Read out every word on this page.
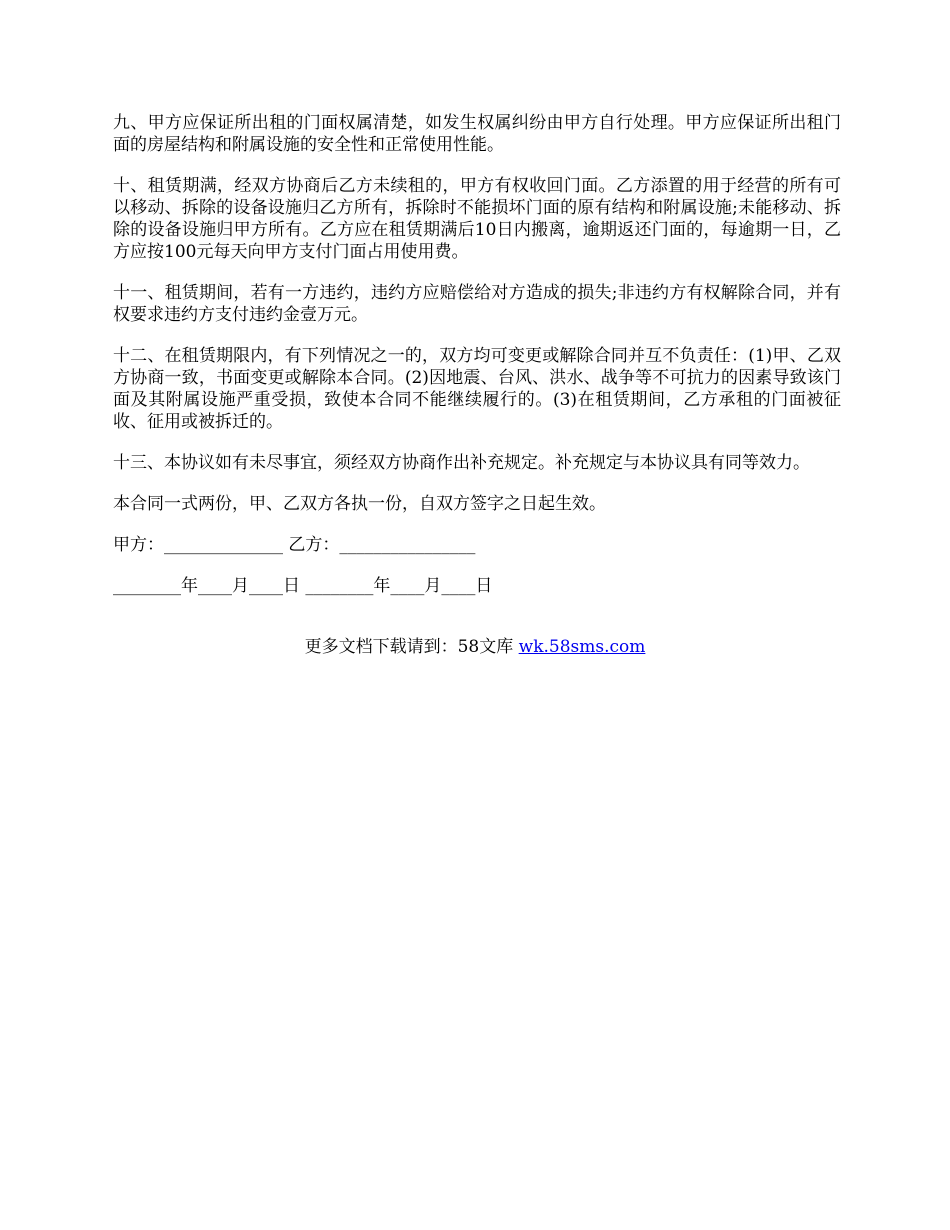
九、甲方应保证所出租的门面权属清楚，如发生权属纠纷由甲方自行处理。甲方应保证所出租门面的房屋结构和附属设施的安全性和正常使用性能。

十、租赁期满，经双方协商后乙方未续租的，甲方有权收回门面。乙方添置的用于经营的所有可以移动、拆除的设备设施归乙方所有，拆除时不能损坏门面的原有结构和附属设施;未能移动、拆除的设备设施归甲方所有。乙方应在租赁期满后10日内搬离，逾期返还门面的，每逾期一日，乙方应按100元每天向甲方支付门面占用使用费。

十一、租赁期间，若有一方违约，违约方应赔偿给对方造成的损失;非违约方有权解除合同，并有权要求违约方支付违约金壹万元。

十二、在租赁期限内，有下列情况之一的，双方均可变更或解除合同并互不负责任：(1)甲、乙双方协商一致，书面变更或解除本合同。(2)因地震、台风、洪水、战争等不可抗力的因素导致该门面及其附属设施严重受损，致使本合同不能继续履行的。(3)在租赁期间，乙方承租的门面被征收、征用或被拆迁的。

十三、本协议如有未尽事宜，须经双方协商作出补充规定。补充规定与本协议具有同等效力。

本合同一式两份，甲、乙双方各执一份，自双方签字之日起生效。

甲方：______________ 乙方：________________
________年____月____日 ________年____月____日
更多文档下载请到：58文库 wk.58sms.com
